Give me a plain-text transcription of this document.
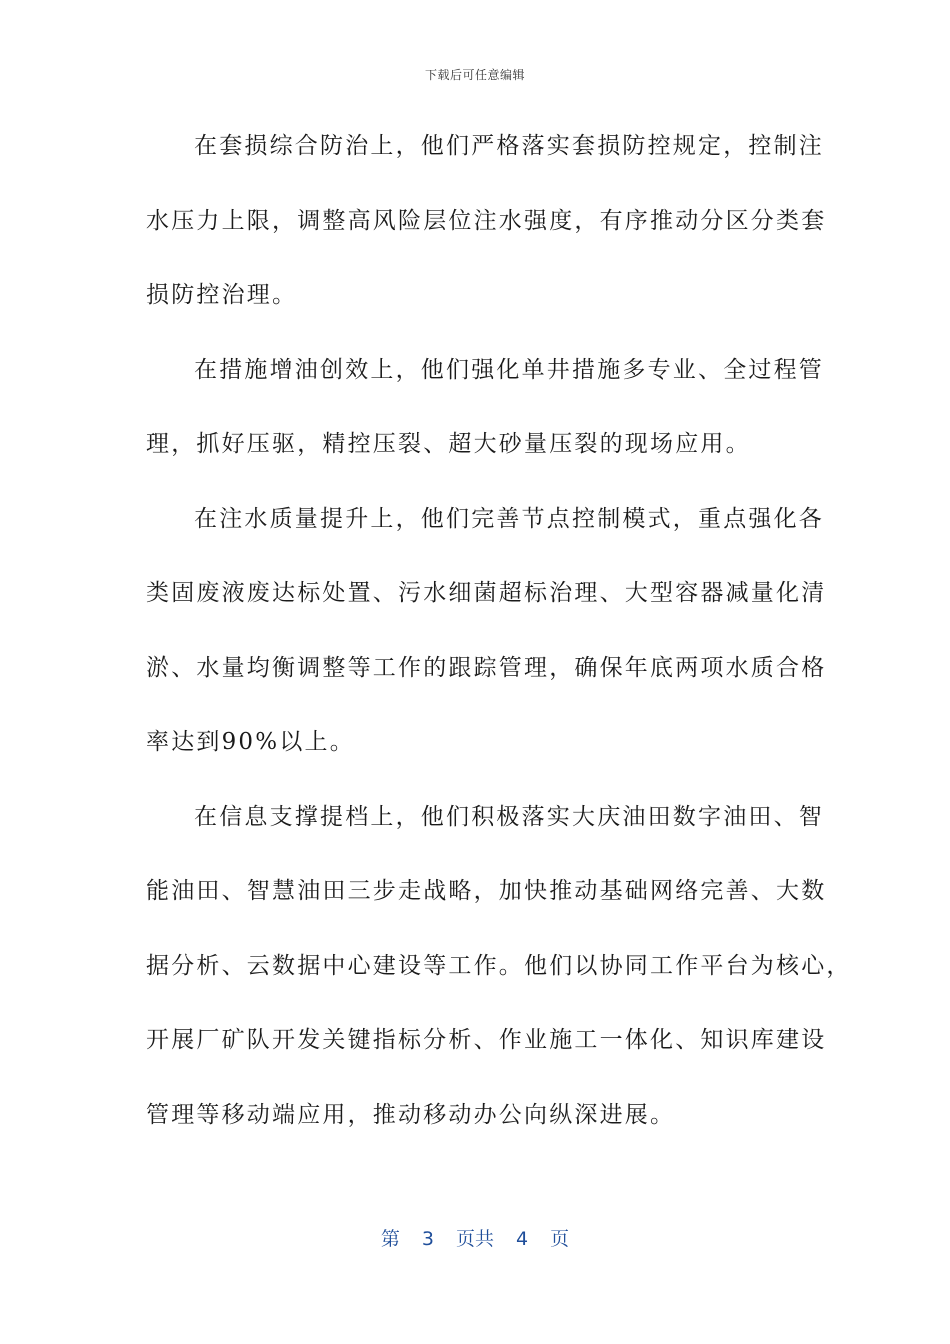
下载后可任意编辑
在套损综合防治上，他们严格落实套损防控规定，控制注
水压力上限，调整高风险层位注水强度，有序推动分区分类套
损防控治理。
在措施增油创效上，他们强化单井措施多专业、全过程管
理，抓好压驱，精控压裂、超大砂量压裂的现场应用。
在注水质量提升上，他们完善节点控制模式，重点强化各
类固废液废达标处置、污水细菌超标治理、大型容器减量化清
淤、水量均衡调整等工作的跟踪管理，确保年底两项水质合格
率达到90%以上。
在信息支撑提档上，他们积极落实大庆油田数字油田、智
能油田、智慧油田三步走战略，加快推动基础网络完善、大数
据分析、云数据中心建设等工作。他们以协同工作平台为核心，
开展厂矿队开发关键指标分析、作业施工一体化、知识库建设
管理等移动端应用，推动移动办公向纵深进展。
第 3 页共 4 页
